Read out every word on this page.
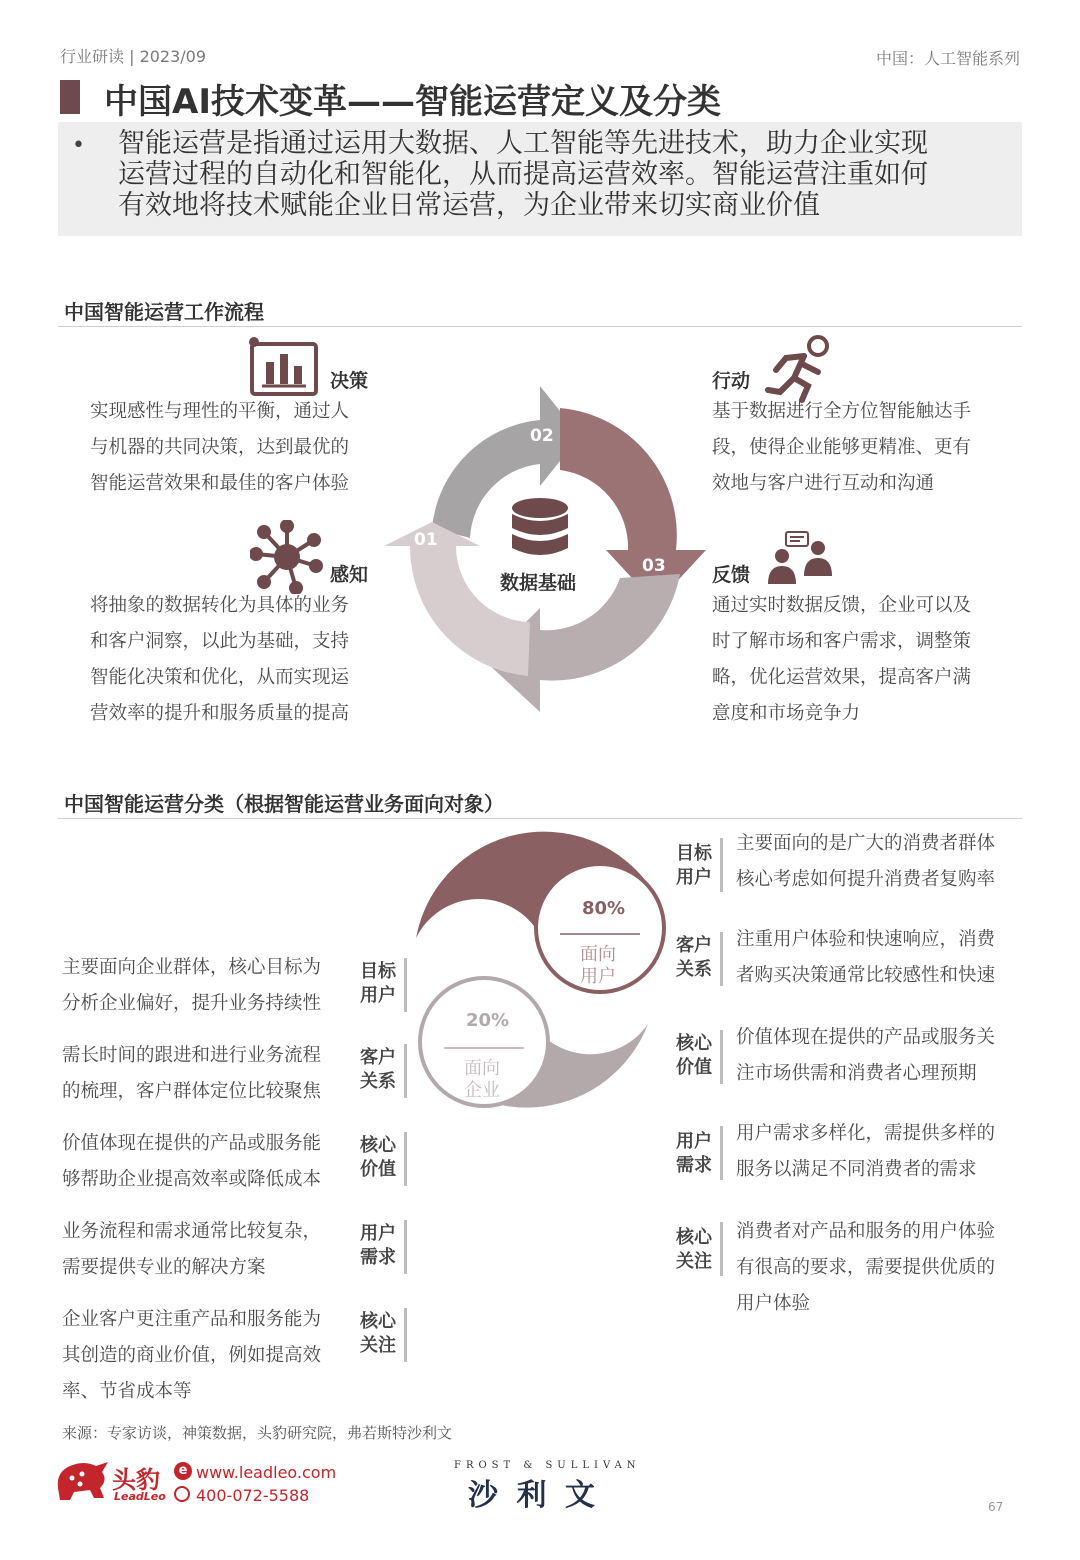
行业研读 | 2023/09	中国：人工智能系列
中国AI技术变革——智能运营定义及分类
• 智能运营是指通过运用大数据、人工智能等先进技术，助力企业实现
运营过程的自动化和智能化，从而提高运营效率。智能运营注重如何
有效地将技术赋能企业日常运营，为企业带来切实商业价值
中国智能运营工作流程
02
03
01
数据基础
决策
实现感性与理性的平衡，通过人
与机器的共同决策，达到最优的
智能运营效果和最佳的客户体验
感知
将抽象的数据转化为具体的业务
和客户洞察，以此为基础，支持
智能化决策和优化，从而实现运
营效率的提升和服务质量的提高
行动
基于数据进行全方位智能触达手
段，使得企业能够更精准、更有
效地与客户进行互动和沟通
反馈
通过实时数据反馈，企业可以及
时了解市场和客户需求，调整策
略，优化运营效果，提高客户满
意度和市场竞争力
中国智能运营分类（根据智能运营业务面向对象）
80%
面向
用户
20%
面向
企业
主要面向企业群体，核心目标为
分析企业偏好，提升业务持续性
目标
用户
需长时间的跟进和进行业务流程
的梳理，客户群体定位比较聚焦
客户
关系
价值体现在提供的产品或服务能
够帮助企业提高效率或降低成本
核心
价值
业务流程和需求通常比较复杂，
需要提供专业的解决方案
用户
需求
企业客户更注重产品和服务能为
其创造的商业价值，例如提高效
率、节省成本等
核心
关注
目标
用户
主要面向的是广大的消费者群体
核心考虑如何提升消费者复购率
客户
关系
注重用户体验和快速响应，消费
者购买决策通常比较感性和快速
核心
价值
价值体现在提供的产品或服务关
注市场供需和消费者心理预期
用户
需求
用户需求多样化，需提供多样的
服务以满足不同消费者的需求
核心
关注
消费者对产品和服务的用户体验
有很高的要求，需要提供优质的
用户体验
来源：专家访谈，神策数据，头豹研究院，弗若斯特沙利文
头豹
LeadLeo
e www.leadleo.com
400-072-5588
FROST & SULLIVAN
沙 利 文	67
